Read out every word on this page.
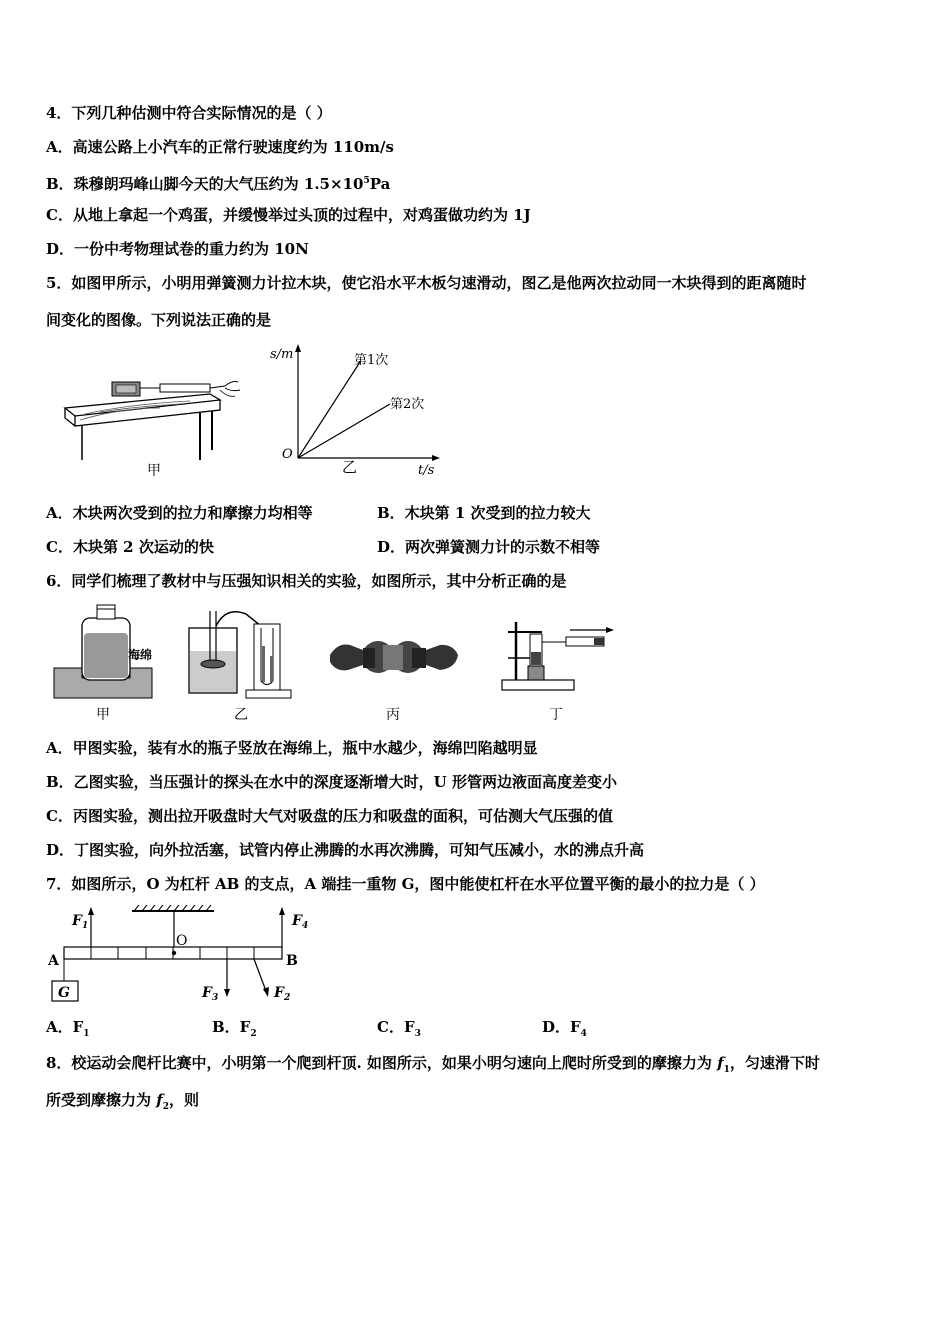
4．下列几种估测中符合实际情况的是（ ）
A．高速公路上小汽车的正常行驶速度约为 110m/s
B．珠穆朗玛峰山脚今天的大气压约为 $1.5\times 10^5Pa$
C．从地上拿起一个鸡蛋，并缓慢举过头顶的过程中，对鸡蛋做功约为 1J
D．一份中考物理试卷的重力约为 10N
5．如图甲所示，小明用弹簧测力计拉木块，使它沿水平木板匀速滑动，图乙是他两次拉动同一木块得到的距离随时
间变化的图像。下列说法正确的是
甲
s/m
O
t/s
第1次
第2次
乙
A．木块两次受到的拉力和摩擦力均相等	B．木块第 1 次受到的拉力较大
C．木块第 2 次运动的快	D．两次弹簧测力计的示数不相等
6．同学们梳理了教材中与压强知识相关的实验，如图所示，其中分析正确的是
海绵
甲	乙	丙	丁
A．甲图实验，装有水的瓶子竖放在海绵上，瓶中水越少，海绵凹陷越明显
B．乙图实验，当压强计的探头在水中的深度逐渐增大时，U 形管两边液面高度差变小
C．丙图实验，测出拉开吸盘时大气对吸盘的压力和吸盘的面积，可估测大气压强的值
D．丁图实验，向外拉活塞，试管内停止沸腾的水再次沸腾，可知气压减小，水的沸点升高
7．如图所示，O 为杠杆 AB 的支点，A 端挂一重物 G，图中能使杠杆在水平位置平衡的最小的拉力是（ ）
A	B
O
G
$F_1$	$F_4$
$F_3$	$F_2$
A．$F_1$	B．$F_2$	C．$F_3$	D．$F_4$
8．校运动会爬杆比赛中，小明第一个爬到杆顶. 如图所示，如果小明匀速向上爬时所受到的摩擦力为 $f_1$，匀速滑下时
所受到摩擦力为 $f_2$，则
